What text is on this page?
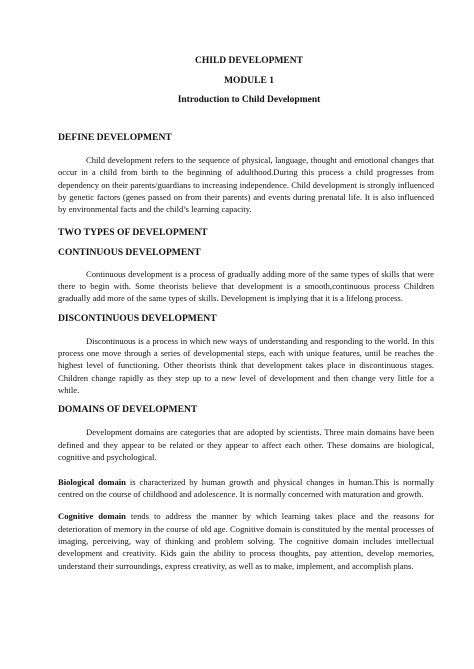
CHILD DEVELOPMENT

MODULE 1

Introduction to Child Development

DEFINE DEVELOPMENT

Child development refers to the sequence of physical, language, thought and emotional changes that occur in a child from birth to the beginning of adulthood.During this process a child progresses from dependency on their parents/guardians to increasing independence. Child development is strongly influenced by genetic factors (genes passed on from their parents) and events during prenatal life. It is also influenced by environmental facts and the child’s learning capacity.

TWO TYPES OF DEVELOPMENT

CONTINUOUS DEVELOPMENT

Continuous development is a process of gradually adding more of the same types of skills that were there to begin with. Some theorists believe that development is a smooth,continuous process Children gradually add more of the same types of skills. Development is implying that it is a lifelong process.

DISCONTINUOUS DEVELOPMENT

Discontinuous is a process in which new ways of understanding and responding to the world. In this process one move through a series of developmental steps, each with unique features, until be reaches the highest level of functioning. Other theorists think that development takes place in discontinuous stages. Children change rapidly as they step up to a new level of development and then change very little for a while.

DOMAINS OF DEVELOPMENT

Development domains are categories that are adopted by scientists. Three main domains have been defined and they appear to be related or they appear to affect each other. These domains are biological, cognitive and psychological.

Biological domain is characterized by human growth and physical changes in human.This is normally centred on the course of childhood and adolescence. It is normally concerned with maturation and growth.

Cognitive domain tends to address the manner by which learning takes place and the reasons for deterioration of memory in the course of old age. Cognitive domain is constituted by the mental processes of imaging, perceiving, way of thinking and problem solving. The cognitive domain includes intellectual development and creativity. Kids gain the ability to process thoughts, pay attention, develop memories, understand their surroundings, express creativity, as well as to make, implement, and accomplish plans.
